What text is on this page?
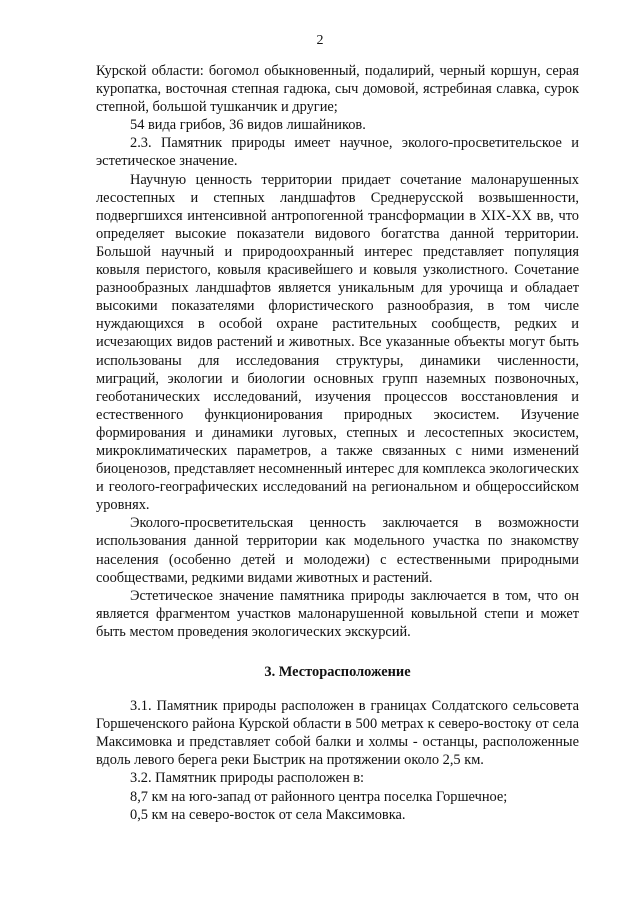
2

Курской области: богомол обыкновенный, подалирий, черный коршун, серая куропатка, восточная степная гадюка, сыч домовой, ястребиная славка, сурок степной, большой тушканчик и другие;

54 вида грибов, 36 видов лишайников.

2.3. Памятник природы имеет научное, эколого-просветительское и эстетическое значение.

Научную ценность территории придает сочетание малонарушенных лесостепных и степных ландшафтов Среднерусской возвышенности, подвергшихся интенсивной антропогенной трансформации в XIX-XX вв, что определяет высокие показатели видового богатства данной территории. Большой научный и природоохранный интерес представляет популяция ковыля перистого, ковыля красивейшего и ковыля узколистного. Сочетание разнообразных ландшафтов является уникальным для урочища и обладает высокими показателями флористического разнообразия, в том числе нуждающихся в особой охране растительных сообществ, редких и исчезающих видов растений и животных. Все указанные объекты могут быть использованы для исследования структуры, динамики численности, миграций, экологии и биологии основных групп наземных позвоночных, геоботанических исследований, изучения процессов восстановления и естественного функционирования природных экосистем. Изучение формирования и динамики луговых, степных и лесостепных экосистем, микроклиматических параметров, а также связанных с ними изменений биоценозов, представляет несомненный интерес для комплекса экологических и геолого-географических исследований на региональном и общероссийском уровнях.

Эколого-просветительская ценность заключается в возможности использования данной территории как модельного участка по знакомству населения (особенно детей и молодежи) с естественными природными сообществами, редкими видами животных и растений.

Эстетическое значение памятника природы заключается в том, что он является фрагментом участков малонарушенной ковыльной степи и может быть местом проведения экологических экскурсий.

3. Месторасположение

3.1. Памятник природы расположен в границах Солдатского сельсовета Горшеченского района Курской области в 500 метрах к северо-востоку от села Максимовка и представляет собой балки и холмы - останцы, расположенные вдоль левого берега реки Быстрик на протяжении около 2,5 км.

3.2. Памятник природы расположен в:

8,7 км на юго-запад от районного центра поселка Горшечное;

0,5 км на северо-восток от села Максимовка.
